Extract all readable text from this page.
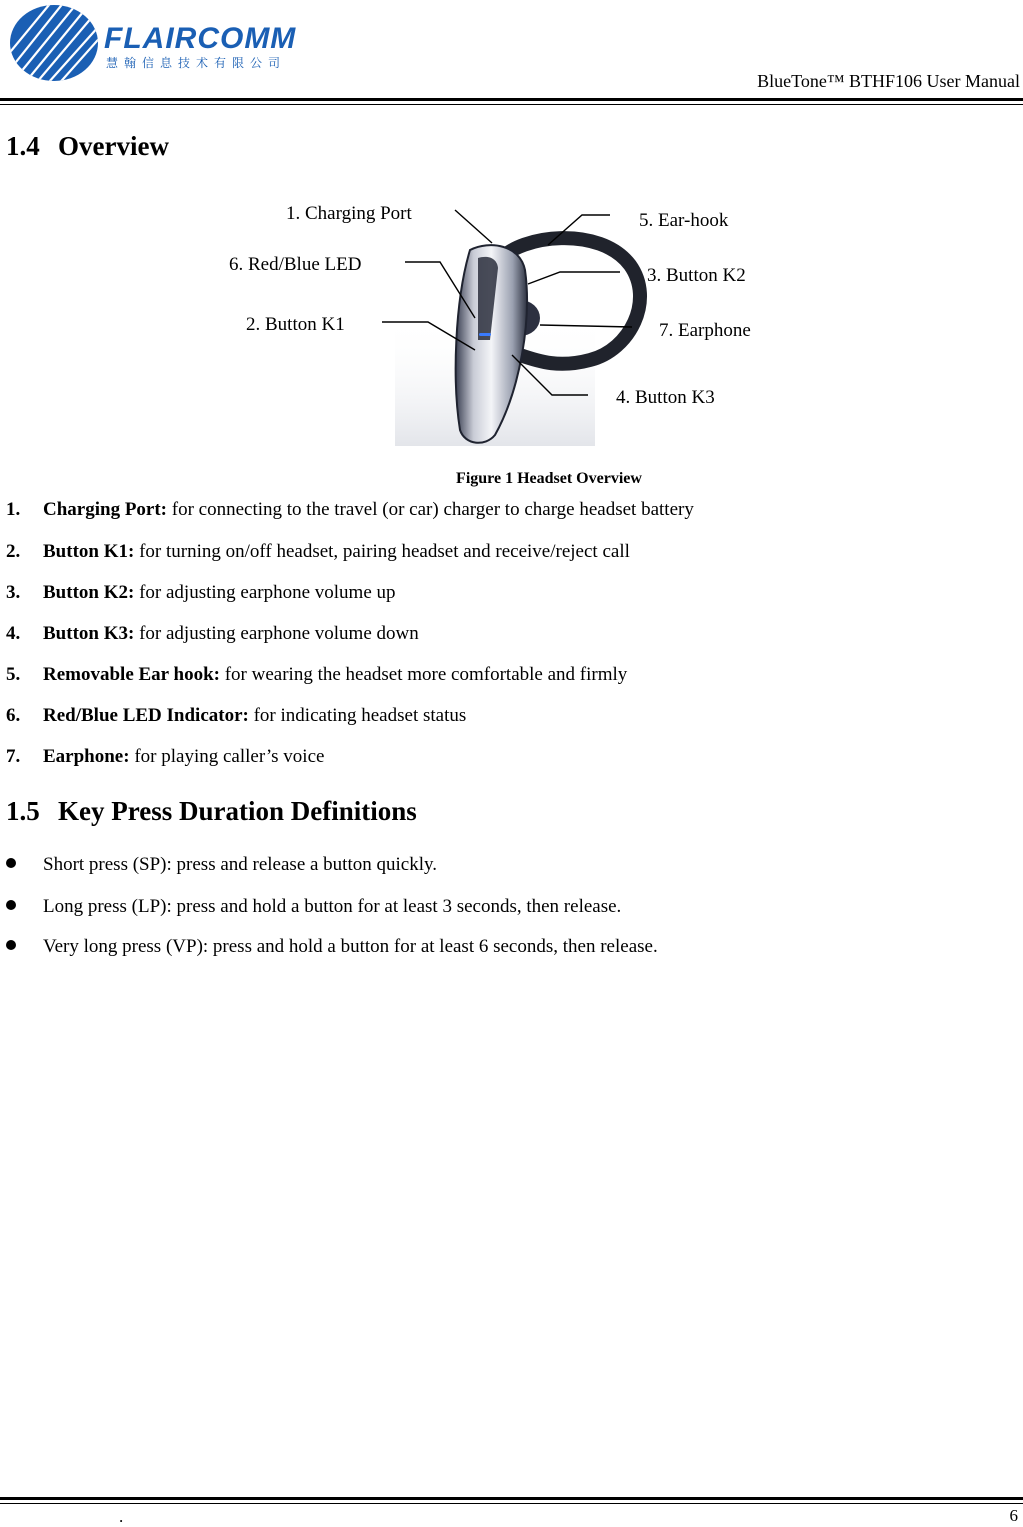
FLAIRCOMM
慧翰信息技术有限公司
BlueTone™ BTHF106 User Manual
1.4 Overview
1. Charging Port
6. Red/Blue LED
2. Button K1
5. Ear-hook
3. Button K2
7. Earphone
4. Button K3
Figure 1 Headset Overview
1. Charging Port: for connecting to the travel (or car) charger to charge headset battery
2. Button K1: for turning on/off headset, pairing headset and receive/reject call
3. Button K2: for adjusting earphone volume up
4. Button K3: for adjusting earphone volume down
5. Removable Ear hook: for wearing the headset more comfortable and firmly
6. Red/Blue LED Indicator: for indicating headset status
7. Earphone: for playing caller’s voice
1.5 Key Press Duration Definitions
Short press (SP): press and release a button quickly.
Long press (LP): press and hold a button for at least 3 seconds, then release.
Very long press (VP): press and hold a button for at least 6 seconds, then release.
.	6
